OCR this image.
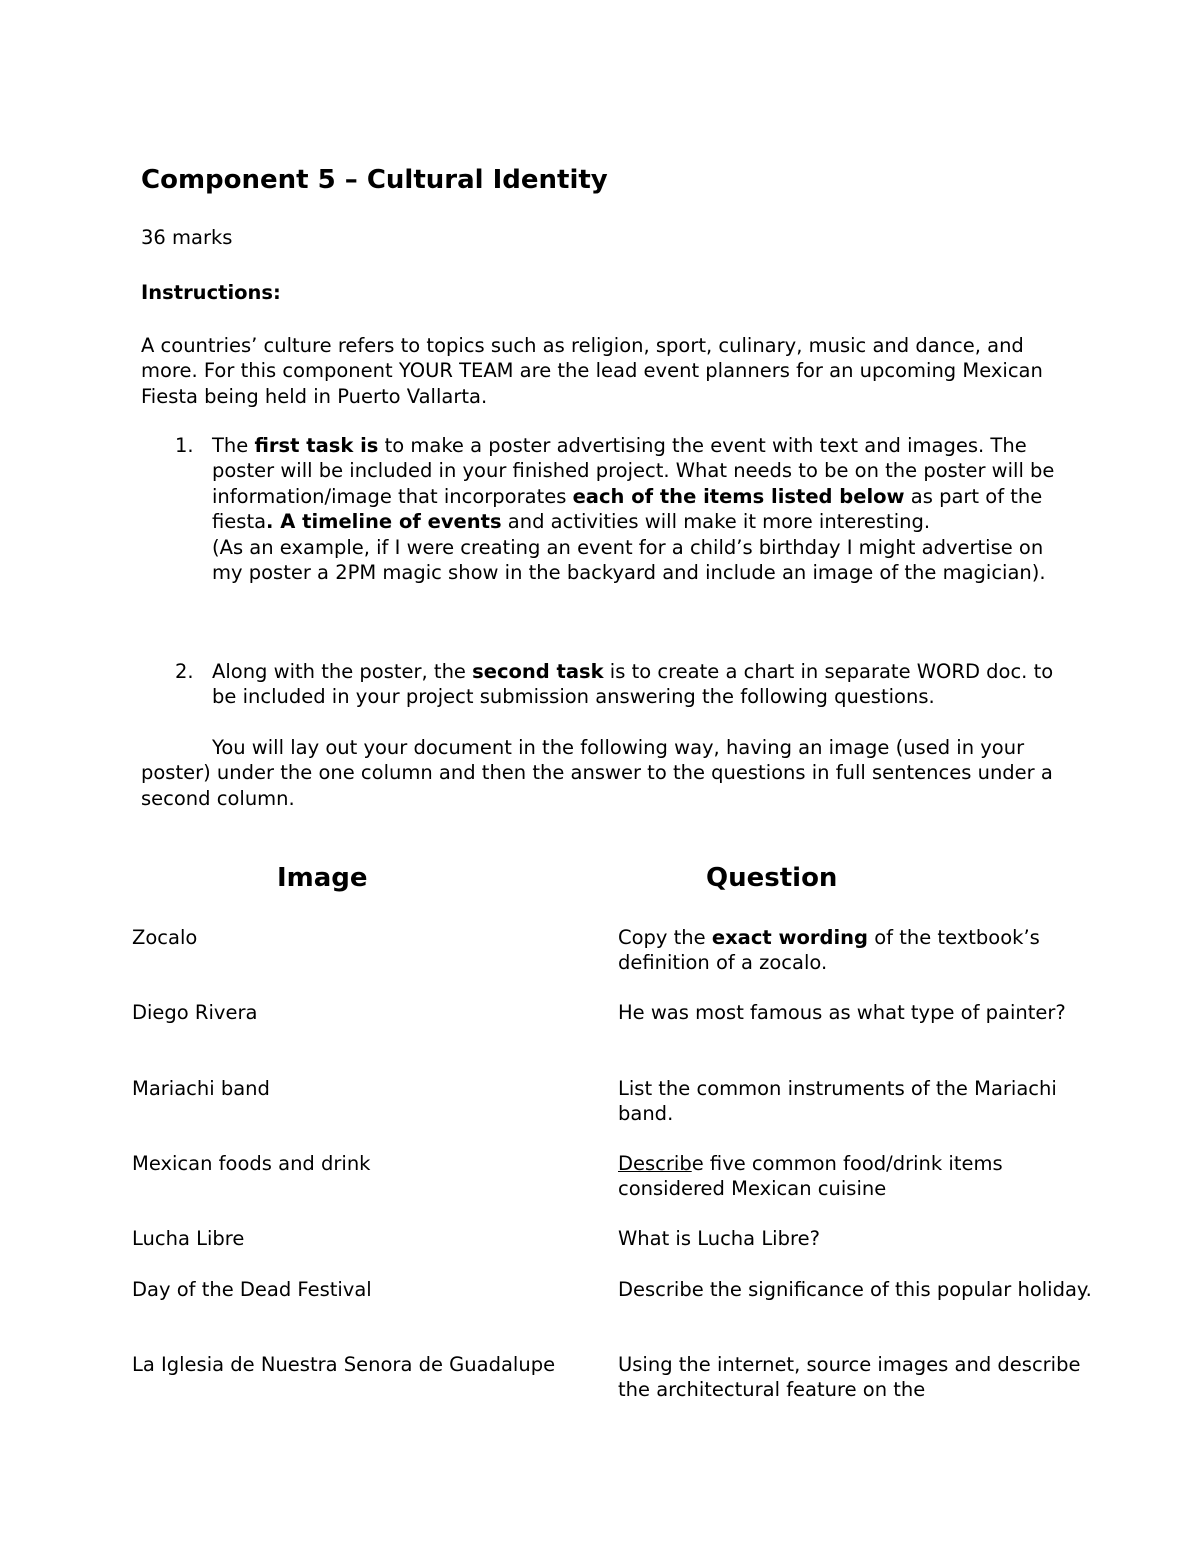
Component 5 – Cultural Identity

36 marks

Instructions:

A countries’ culture refers to topics such as religion, sport, culinary, music and dance, and more. For this component YOUR TEAM are the lead event planners for an upcoming Mexican Fiesta being held in Puerto Vallarta.

1. The first task is to make a poster advertising the event with text and images. The poster will be included in your finished project. What needs to be on the poster will be information/image that incorporates each of the items listed below as part of the fiesta. A timeline of events and activities will make it more interesting.
(As an example, if I were creating an event for a child’s birthday I might advertise on my poster a 2PM magic show in the backyard and include an image of the magician).
2. Along with the poster, the second task is to create a chart in separate WORD doc. to be included in your project submission answering the following questions.

You will lay out your document in the following way, having an image (used in your poster) under the one column and then the answer to the questions in full sentences under a second column.

Image	Question

Zocalo	Copy the exact wording of the textbook’s definition of a zocalo.

Diego Rivera	He was most famous as what type of painter?

Mariachi band	List the common instruments of the Mariachi band.

Mexican foods and drink	Describe five common food/drink items considered Mexican cuisine

Lucha Libre	What is Lucha Libre?

Day of the Dead Festival	Describe the significance of this popular holiday.

La Iglesia de Nuestra Senora de Guadalupe	Using the internet, source images and describe the architectural feature on the
